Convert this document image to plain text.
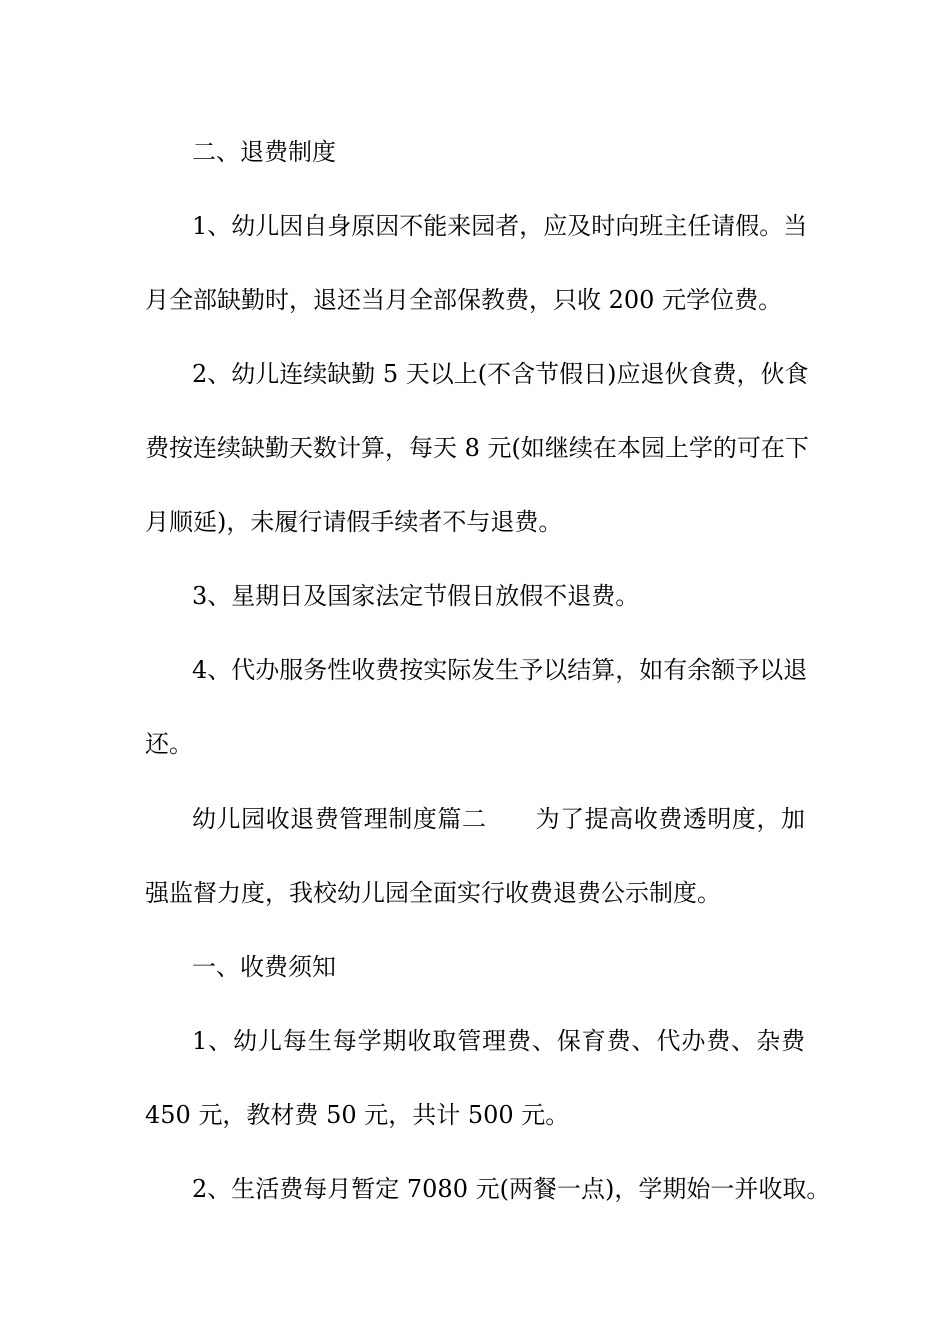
二、退费制度
1、幼儿因自身原因不能来园者，应及时向班主任请假。当
月全部缺勤时，退还当月全部保教费，只收 200 元学位费。
2、幼儿连续缺勤 5 天以上(不含节假日)应退伙食费，伙食
费按连续缺勤天数计算，每天 8 元(如继续在本园上学的可在下
月顺延)，未履行请假手续者不与退费。
3、星期日及国家法定节假日放假不退费。
4、代办服务性收费按实际发生予以结算，如有余额予以退
还。
幼儿园收退费管理制度篇二　　为了提高收费透明度，加
强监督力度，我校幼儿园全面实行收费退费公示制度。
一、收费须知
1、幼儿每生每学期收取管理费、保育费、代办费、杂费
450 元，教材费 50 元，共计 500 元。
2、生活费每月暂定 7080 元(两餐一点)，学期始一并收取。
